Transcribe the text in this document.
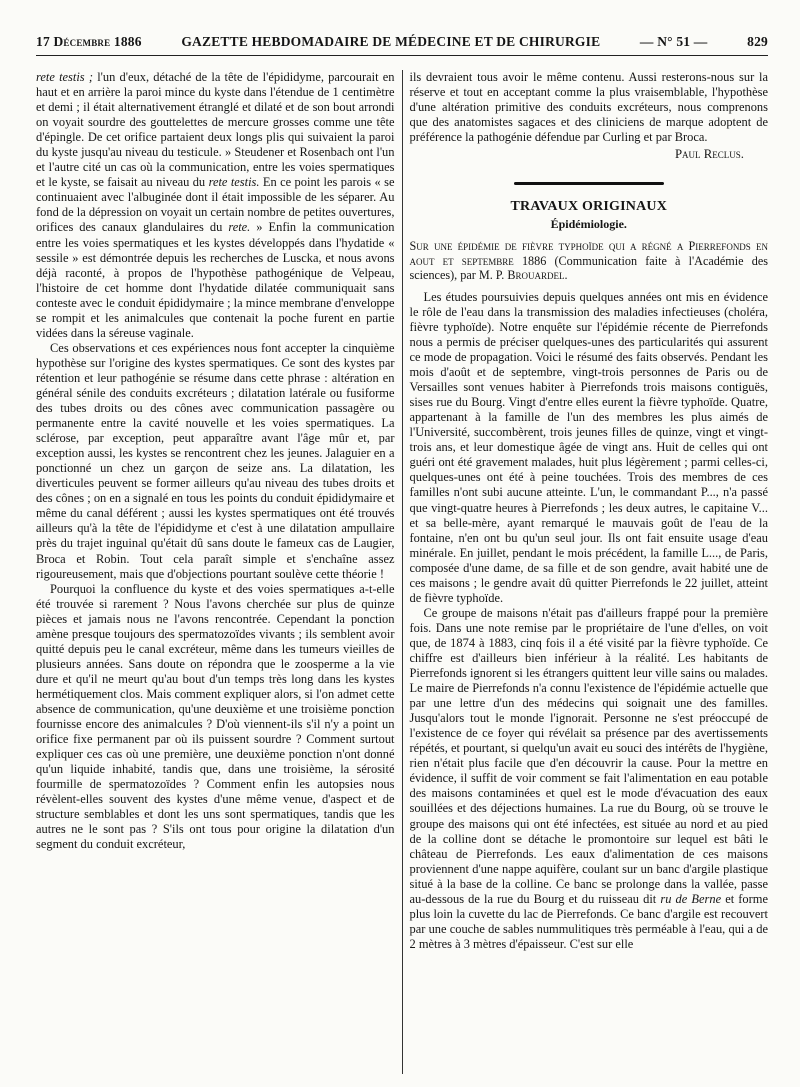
17 Décembre 1886	GAZETTE HEBDOMADAIRE DE MÉDECINE ET DE CHIRURGIE	— N° 51 —	829

rete testis ; l'un d'eux, détaché de la tête de l'épididyme, parcourait en haut et en arrière la paroi mince du kyste dans l'étendue de 1 centimètre et demi ; il était alternativement étranglé et dilaté et de son bout arrondi on voyait sourdre des gouttelettes de mercure grosses comme une tête d'épingle. De cet orifice partaient deux longs plis qui suivaient la paroi du kyste jusqu'au niveau du testicule. » Steudener et Rosenbach ont l'un et l'autre cité un cas où la communication, entre les voies spermatiques et le kyste, se faisait au niveau du rete testis. En ce point les parois « se continuaient avec l'albuginée dont il était impossible de les séparer. Au fond de la dépression on voyait un certain nombre de petites ouvertures, orifices des canaux glandulaires du rete. » Enfin la communication entre les voies spermatiques et les kystes développés dans l'hydatide « sessile » est démontrée depuis les recherches de Luscka, et nous avons déjà raconté, à propos de l'hypothèse pathogénique de Velpeau, l'histoire de cet homme dont l'hydatide dilatée communiquait sans conteste avec le conduit épididymaire ; la mince membrane d'enveloppe se rompit et les animalcules que contenait la poche furent en partie vidées dans la séreuse vaginale.

Ces observations et ces expériences nous font accepter la cinquième hypothèse sur l'origine des kystes spermatiques. Ce sont des kystes par rétention et leur pathogénie se résume dans cette phrase : altération en général sénile des conduits excréteurs ; dilatation latérale ou fusiforme des tubes droits ou des cônes avec communication passagère ou permanente entre la cavité nouvelle et les voies spermatiques. La sclérose, par exception, peut apparaître avant l'âge mûr et, par exception aussi, les kystes se rencontrent chez les jeunes. Jalaguier en a ponctionné un chez un garçon de seize ans. La dilatation, les diverticules peuvent se former ailleurs qu'au niveau des tubes droits et des cônes ; on en a signalé en tous les points du conduit épididymaire et même du canal déférent ; aussi les kystes spermatiques ont été trouvés ailleurs qu'à la tête de l'épididyme et c'est à une dilatation ampullaire près du trajet inguinal qu'était dû sans doute le fameux cas de Laugier, Broca et Robin. Tout cela paraît simple et s'enchaîne assez rigoureusement, mais que d'objections pourtant soulève cette théorie !

Pourquoi la confluence du kyste et des voies spermatiques a-t-elle été trouvée si rarement ? Nous l'avons cherchée sur plus de quinze pièces et jamais nous ne l'avons rencontrée. Cependant la ponction amène presque toujours des spermatozoïdes vivants ; ils semblent avoir quitté depuis peu le canal excréteur, même dans les tumeurs vieilles de plusieurs années. Sans doute on répondra que le zoosperme a la vie dure et qu'il ne meurt qu'au bout d'un temps très long dans les kystes hermétiquement clos. Mais comment expliquer alors, si l'on admet cette absence de communication, qu'une deuxième et une troisième ponction fournisse encore des animalcules ? D'où viennent-ils s'il n'y a point un orifice fixe permanent par où ils puissent sourdre ? Comment surtout expliquer ces cas où une première, une deuxième ponction n'ont donné qu'un liquide inhabité, tandis que, dans une troisième, la sérosité fourmille de spermatozoïdes ? Comment enfin les autopsies nous révèlent-elles souvent des kystes d'une même venue, d'aspect et de structure semblables et dont les uns sont spermatiques, tandis que les autres ne le sont pas ? S'ils ont tous pour origine la dilatation d'un segment du conduit excréteur,

ils devraient tous avoir le même contenu. Aussi resterons-nous sur la réserve et tout en acceptant comme la plus vraisemblable, l'hypothèse d'une altération primitive des conduits excréteurs, nous comprenons que des anatomistes sagaces et des cliniciens de marque adoptent de préférence la pathogénie défendue par Curling et par Broca.

Paul Reclus.
TRAVAUX ORIGINAUX
Épidémiologie.
Sur une épidémie de fièvre typhoïde qui a régné a Pierrefonds en aout et septembre 1886 (Communication faite à l'Académie des sciences), par M. P. Brouardel.

Les études poursuivies depuis quelques années ont mis en évidence le rôle de l'eau dans la transmission des maladies infectieuses (choléra, fièvre typhoïde). Notre enquête sur l'épidémie récente de Pierrefonds nous a permis de préciser quelques-unes des particularités qui assurent ce mode de propagation. Voici le résumé des faits observés. Pendant les mois d'août et de septembre, vingt-trois personnes de Paris ou de Versailles sont venues habiter à Pierrefonds trois maisons contiguës, sises rue du Bourg. Vingt d'entre elles eurent la fièvre typhoïde. Quatre, appartenant à la famille de l'un des membres les plus aimés de l'Université, succombèrent, trois jeunes filles de quinze, vingt et vingt-trois ans, et leur domestique âgée de vingt ans. Huit de celles qui ont guéri ont été gravement malades, huit plus légèrement ; parmi celles-ci, quelques-unes ont été à peine touchées. Trois des membres de ces familles n'ont subi aucune atteinte. L'un, le commandant P..., n'a passé que vingt-quatre heures à Pierrefonds ; les deux autres, le capitaine V... et sa belle-mère, ayant remarqué le mauvais goût de l'eau de la fontaine, n'en ont bu qu'un seul jour. Ils ont fait ensuite usage d'eau minérale. En juillet, pendant le mois précédent, la famille L..., de Paris, composée d'une dame, de sa fille et de son gendre, avait habité une de ces maisons ; le gendre avait dû quitter Pierrefonds le 22 juillet, atteint de fièvre typhoïde.

Ce groupe de maisons n'était pas d'ailleurs frappé pour la première fois. Dans une note remise par le propriétaire de l'une d'elles, on voit que, de 1874 à 1883, cinq fois il a été visité par la fièvre typhoïde. Ce chiffre est d'ailleurs bien inférieur à la réalité. Les habitants de Pierrefonds ignorent si les étrangers quittent leur ville sains ou malades. Le maire de Pierrefonds n'a connu l'existence de l'épidémie actuelle que par une lettre d'un des médecins qui soignait une des familles. Jusqu'alors tout le monde l'ignorait. Personne ne s'est préoccupé de l'existence de ce foyer qui révélait sa présence par des avertissements répétés, et pourtant, si quelqu'un avait eu souci des intérêts de l'hygiène, rien n'était plus facile que d'en découvrir la cause. Pour la mettre en évidence, il suffit de voir comment se fait l'alimentation en eau potable des maisons contaminées et quel est le mode d'évacuation des eaux souillées et des déjections humaines. La rue du Bourg, où se trouve le groupe des maisons qui ont été infectées, est située au nord et au pied de la colline dont se détache le promontoire sur lequel est bâti le château de Pierrefonds. Les eaux d'alimentation de ces maisons proviennent d'une nappe aquifère, coulant sur un banc d'argile plastique situé à la base de la colline. Ce banc se prolonge dans la vallée, passe au-dessous de la rue du Bourg et du ruisseau dit ru de Berne et forme plus loin la cuvette du lac de Pierrefonds. Ce banc d'argile est recouvert par une couche de sables nummulitiques très perméable à l'eau, qui a de 2 mètres à 3 mètres d'épaisseur. C'est sur elle
